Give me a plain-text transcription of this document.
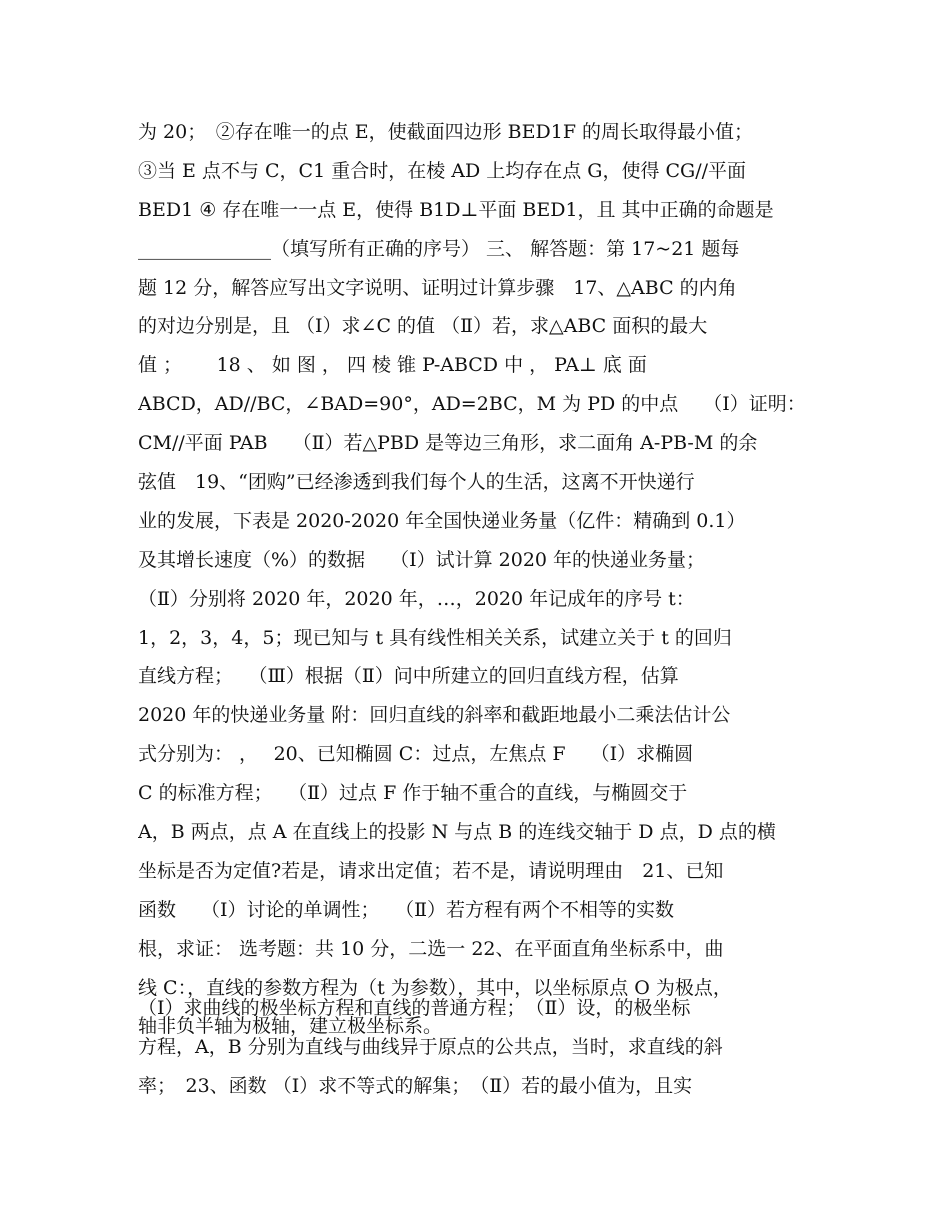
为 20；　②存在唯一的点 E，使截面四边形 BED1F 的周长取得最小值；
③当 E 点不与 C，C1 重合时，在棱 AD 上均存在点 G，使得 CG//平面
BED1 ④ 存在唯一一点 E，使得 B1D⊥平面 BED1，且 其中正确的命题是
______________（填写所有正确的序号） 三、 解答题：第 17~21 题每
题 12 分，解答应写出文字说明、证明过计算步骤　17、△ABC 的内角
的对边分别是，且 （Ⅰ）求∠C 的值 （Ⅱ）若，求△ABC 面积的最大
值 ；　　 18 、 如 图 ， 四 棱 锥 P-ABCD 中 ， PA⊥ 底 面
ABCD，AD//BC，∠BAD=90°，AD=2BC，M 为 PD 的中点　 （Ⅰ）证明：
CM//平面 PAB　 （Ⅱ）若△PBD 是等边三角形，求二面角 A-PB-M 的余
弦值　19、“团购”已经渗透到我们每个人的生活，这离不开快递行
业的发展，下表是 2020-2020 年全国快递业务量（亿件：精确到 0.1）
及其增长速度（%）的数据　 （Ⅰ）试计算 2020 年的快递业务量；
（Ⅱ）分别将 2020 年，2020 年，…，2020 年记成年的序号 t：
1，2，3，4，5；现已知与 t 具有线性相关关系，试建立关于 t 的回归
直线方程；　 （Ⅲ）根据（Ⅱ）问中所建立的回归直线方程，估算
2020 年的快递业务量 附：回归直线的斜率和截距地最小二乘法估计公
式分别为： ，　 20、已知椭圆 C：过点，左焦点 F　 （Ⅰ）求椭圆
C 的标准方程；　 （Ⅱ）过点 F 作于轴不重合的直线，与椭圆交于
A，B 两点，点 A 在直线上的投影 N 与点 B 的连线交轴于 D 点，D 点的横
坐标是否为定值?若是，请求出定值；若不是，请说明理由　21、已知
函数　 （Ⅰ）讨论的单调性；　 （Ⅱ）若方程有两个不相等的实数
根，求证： 选考题：共 10 分，二选一 22、在平面直角坐标系中，曲
线 C：，直线的参数方程为（t 为参数），其中，以坐标原点 O 为极点，
轴非负半轴为极轴，建立极坐标系。
（Ⅰ）求曲线的极坐标方程和直线的普通方程；　（Ⅱ）设，的极坐标
方程，A，B 分别为直线与曲线异于原点的公共点，当时，求直线的斜
率；　23、函数 （Ⅰ）求不等式的解集；　（Ⅱ）若的最小值为，且实
